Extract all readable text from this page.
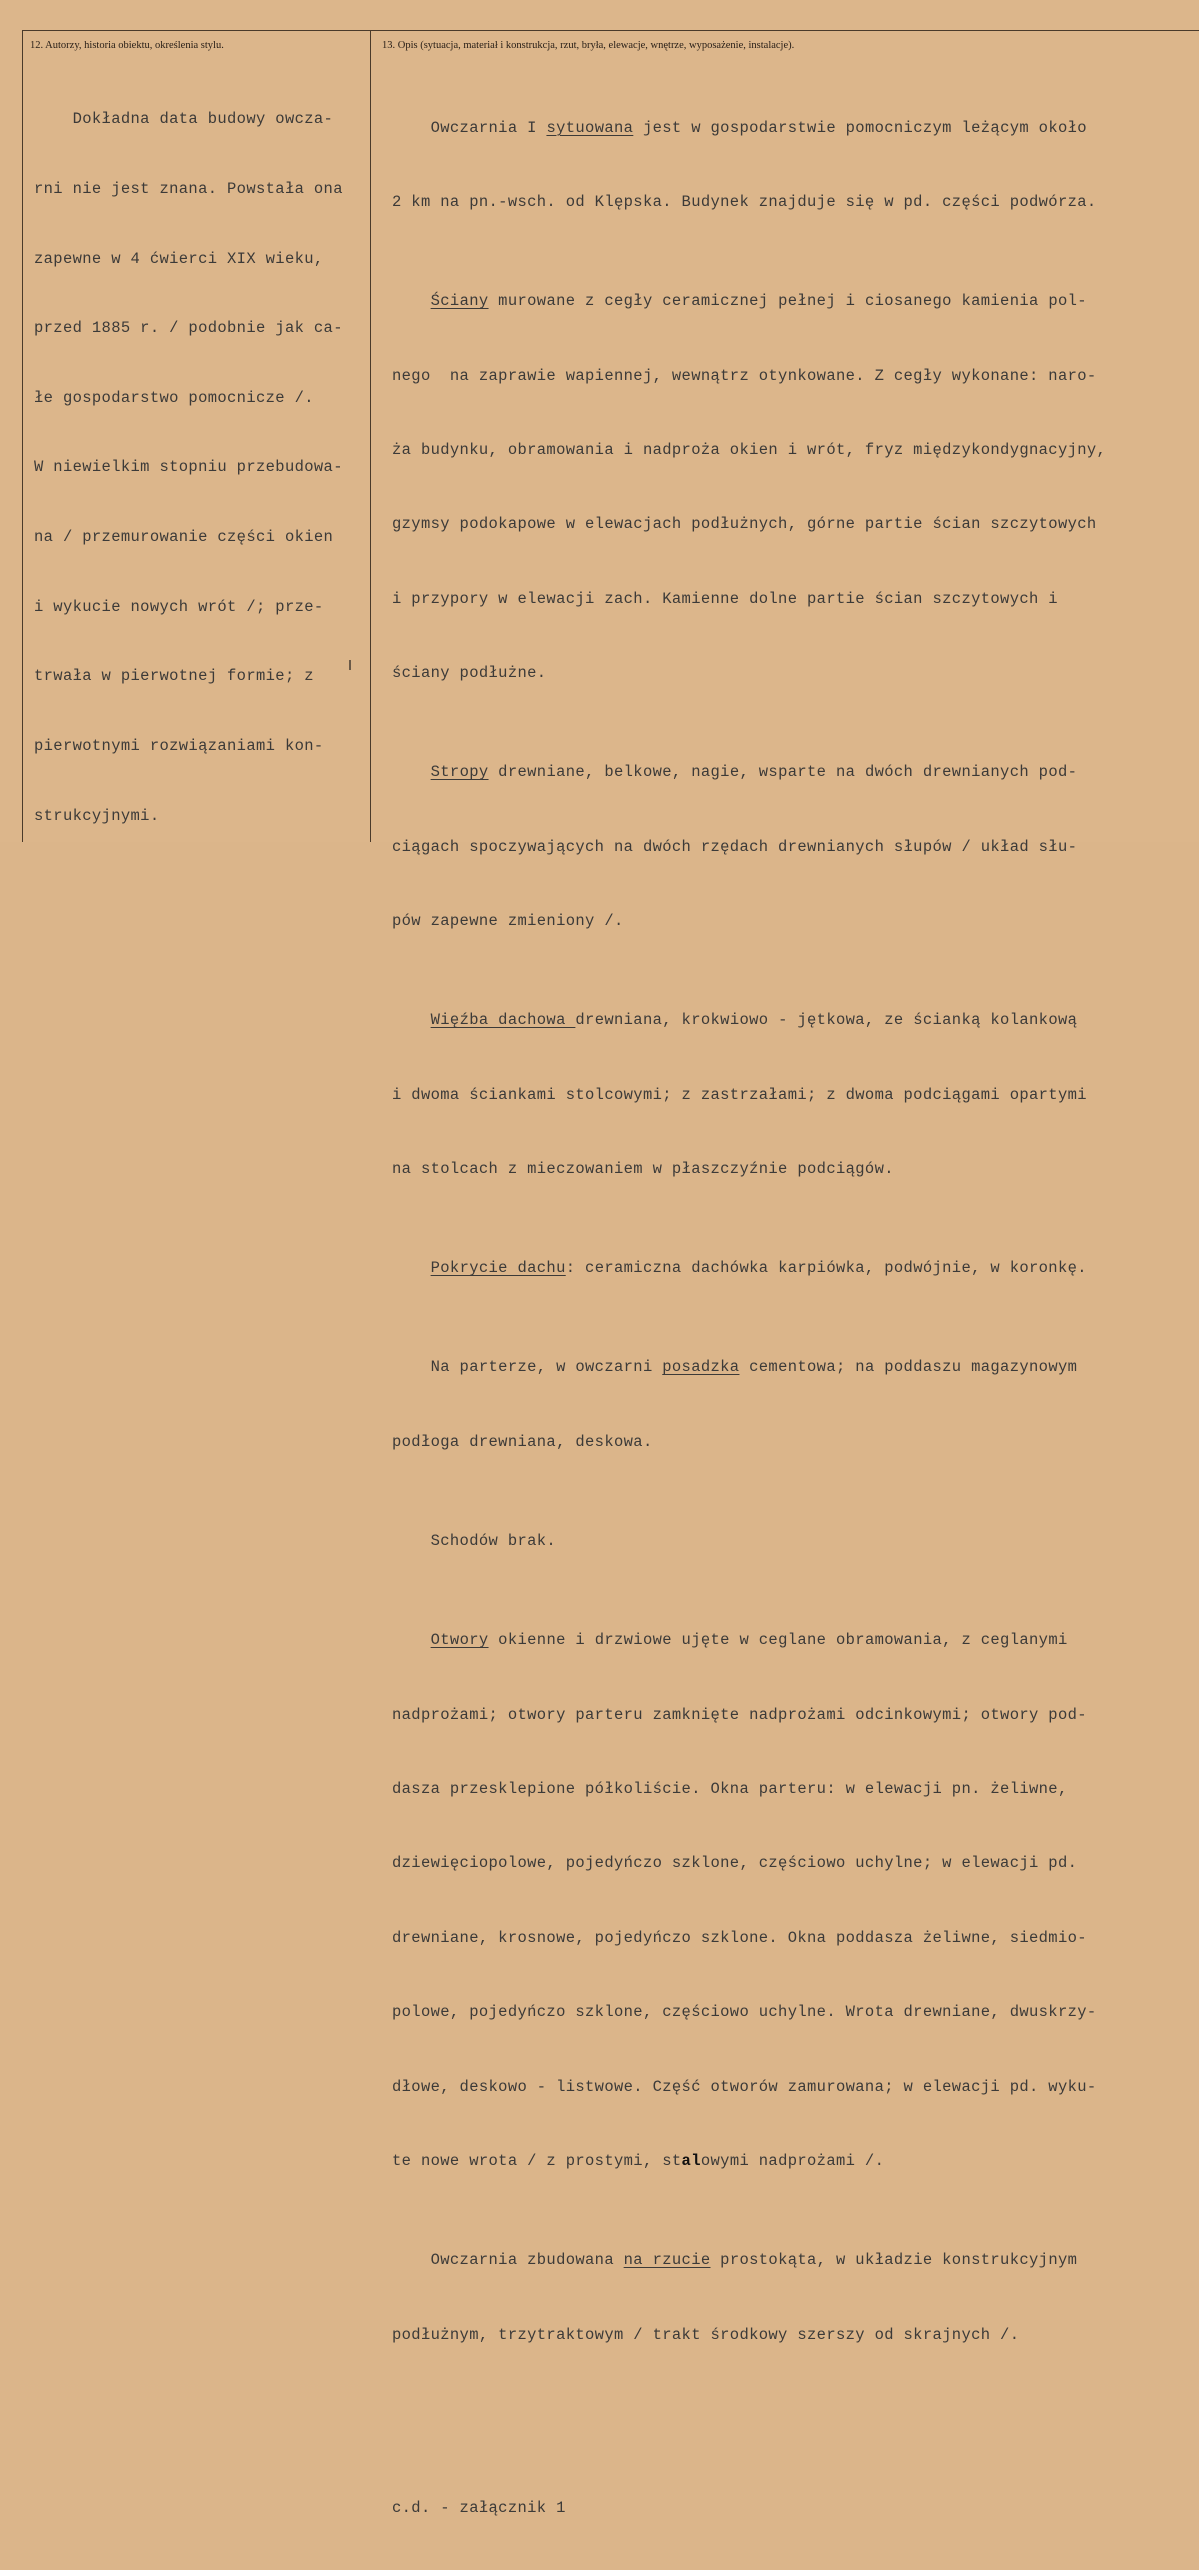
12. Autorzy, historia obiektu, określenia stylu.	13. Opis (sytuacja, materiał i konstrukcja, rzut, bryła, elewacje, wnętrze, wyposażenie, instalacje).

Dokładna data budowy owcza-

rni nie jest znana. Powstała ona

zapewne w 4 ćwierci XIX wieku,

przed 1885 r. / podobnie jak ca-

łe gospodarstwo pomocnicze /.

W niewielkim stopniu przebudowa-

na / przemurowanie części okien

i wykucie nowych wrót /; prze-

trwała w pierwotnej formie; z

pierwotnymi rozwiązaniami kon-

strukcyjnymi.

Owczarnia I sytuowana jest w gospodarstwie pomocniczym leżącym około

2 km na pn.-wsch. od Klępska. Budynek znajduje się w pd. części podwórza.

Ściany murowane z cegły ceramicznej pełnej i ciosanego kamienia pol-

nego  na zaprawie wapiennej, wewnątrz otynkowane. Z cegły wykonane: naro-

ża budynku, obramowania i nadproża okien i wrót, fryz międzykondygnacyjny,

gzymsy podokapowe w elewacjach podłużnych, górne partie ścian szczytowych

i przypory w elewacji zach. Kamienne dolne partie ścian szczytowych i

ściany podłużne.

Stropy drewniane, belkowe, nagie, wsparte na dwóch drewnianych pod-

ciągach spoczywających na dwóch rzędach drewnianych słupów / układ słu-

pów zapewne zmieniony /.

Więźba dachowa drewniana, krokwiowo - jętkowa, ze ścianką kolankową

i dwoma ściankami stolcowymi; z zastrzałami; z dwoma podciągami opartymi

na stolcach z mieczowaniem w płaszczyźnie podciągów.

Pokrycie dachu: ceramiczna dachówka karpiówka, podwójnie, w koronkę.

Na parterze, w owczarni posadzka cementowa; na poddaszu magazynowym

podłoga drewniana, deskowa.

Schodów brak.

Otwory okienne i drzwiowe ujęte w ceglane obramowania, z ceglanymi

nadprożami; otwory parteru zamknięte nadprożami odcinkowymi; otwory pod-

dasza przesklepione półkoliście. Okna parteru: w elewacji pn. żeliwne,

dziewięciopolowe, pojedyńczo szklone, częściowo uchylne; w elewacji pd.

drewniane, krosnowe, pojedyńczo szklone. Okna poddasza żeliwne, siedmio-

polowe, pojedyńczo szklone, częściowo uchylne. Wrota drewniane, dwuskrzy-

dłowe, deskowo - listwowe. Część otworów zamurowana; w elewacji pd. wyku-

te nowe wrota / z prostymi, stalowymi nadprożami /.

Owczarnia zbudowana na rzucie prostokąta, w układzie konstrukcyjnym

podłużnym, trzytraktowym / trakt środkowy szerszy od skrajnych /.

c.d. - załącznik 1
